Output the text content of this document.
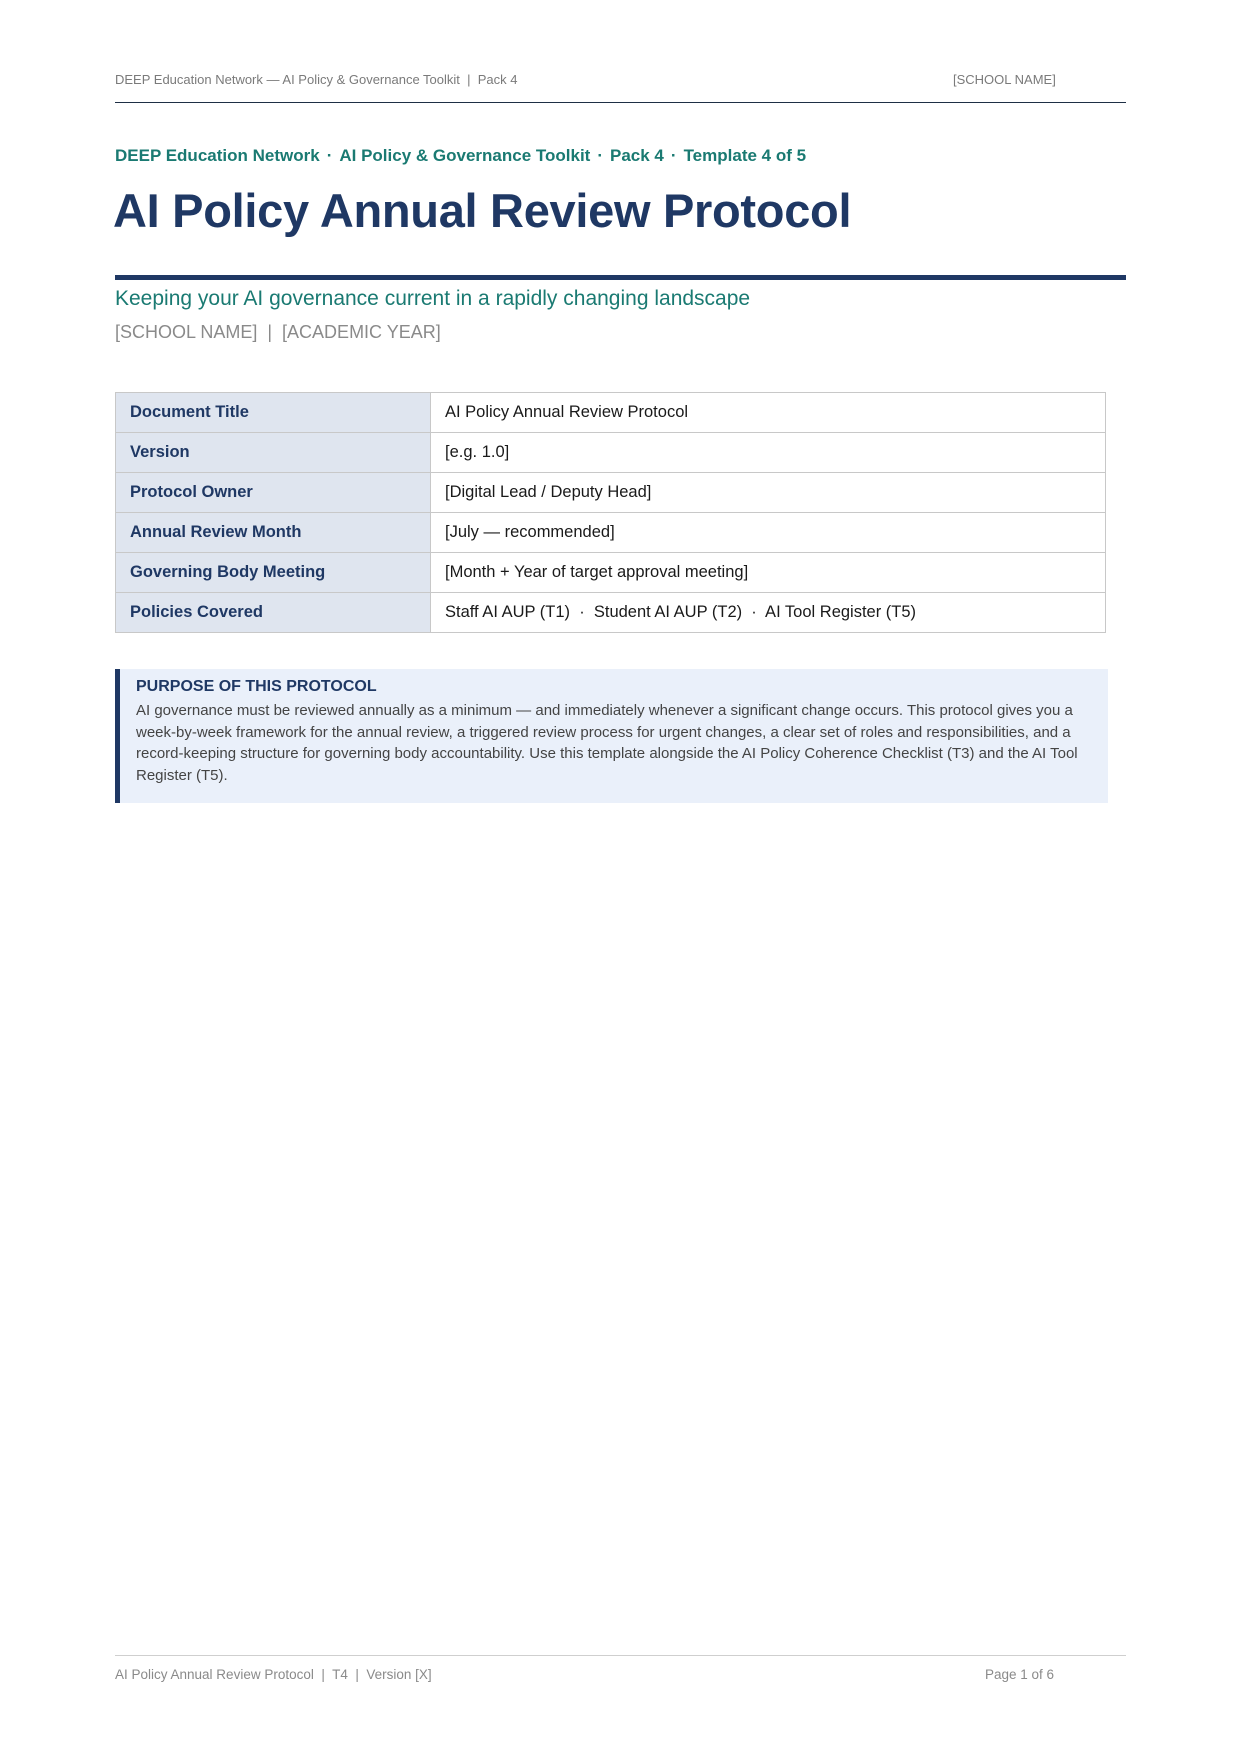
DEEP Education Network — AI Policy & Governance Toolkit  |  Pack 4	[SCHOOL NAME]
DEEP Education Network · AI Policy & Governance Toolkit · Pack 4 · Template 4 of 5
AI Policy Annual Review Protocol
Keeping your AI governance current in a rapidly changing landscape
[SCHOOL NAME] | [ACADEMIC YEAR]
Document Title	AI Policy Annual Review Protocol
Version	[e.g. 1.0]
Protocol Owner	[Digital Lead / Deputy Head]
Annual Review Month	[July — recommended]
Governing Body Meeting	[Month + Year of target approval meeting]
Policies Covered	Staff AI AUP (T1)  ·  Student AI AUP (T2)  ·  AI Tool Register (T5)
PURPOSE OF THIS PROTOCOL
AI governance must be reviewed annually as a minimum — and immediately whenever a significant change occurs. This protocol gives you a week-by-week framework for the annual review, a triggered review process for urgent changes, a clear set of roles and responsibilities, and a record-keeping structure for governing body accountability. Use this template alongside the AI Policy Coherence Checklist (T3) and the AI Tool Register (T5).
AI Policy Annual Review Protocol  |  T4  |  Version [X]	Page 1 of 6
